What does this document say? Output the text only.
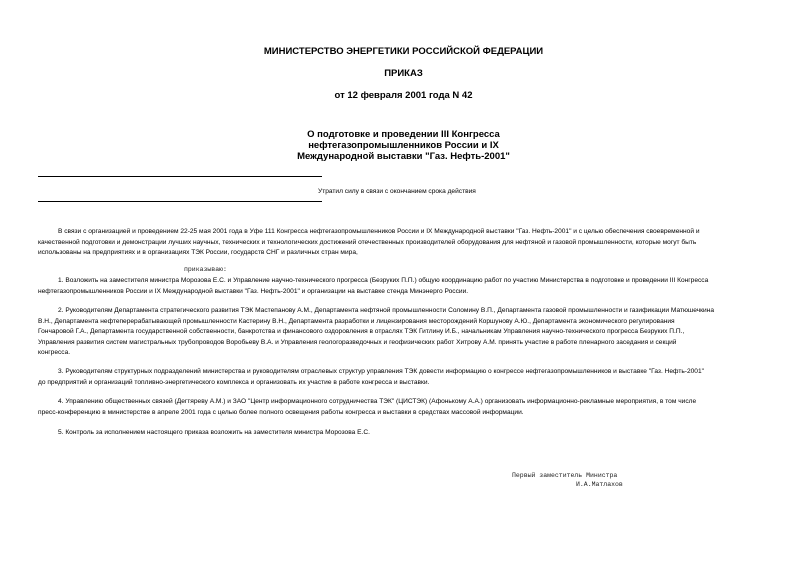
МИНИСТЕРСТВО ЭНЕРГЕТИКИ РОССИЙСКОЙ ФЕДЕРАЦИИ
ПРИКАЗ
от 12 февраля 2001 года N 42
О подготовке и проведении III Конгресса
нефтегазопромышленников России и IX
Международной выставки "Газ. Нефть-2001"
Утратил силу в связи с окончанием срока действия
В связи с организацией и проведением 22-25 мая 2001 года в Уфе 111 Конгресса нефтегазопромышленников России и IX Международной выставки "Газ. Нефть-2001" и с целью обеспечения своевременной и
качественной подготовки и демонстрации лучших научных, технических и технологических достижений отечественных производителей оборудования для нефтяной и газовой промышленности, которые могут быть
использованы на предприятиях и в организациях ТЭК России, государств СНГ и различных стран мира,
приказываю:
1. Возложить на заместителя министра Морозова Е.С. и Управление научно-технического прогресса (Безруких П.П.) общую координацию работ по участию Министерства в подготовке и проведении III Конгресса
нефтегазопромышленников России и IX Международной выставки "Газ. Нефть-2001" и организации на выставке стенда Минэнерго России.
2. Руководителям Департамента стратегического развития ТЭК Мастепанову А.М., Департамента нефтяной промышленности Соломину В.П., Департамента газовой промышленности и газификации Матюшечкина
В.Н., Департамента нефтеперерабатывающей промышленности Кастерину В.Н., Департамента разработки и лицензирования месторождений Коршунову А.Ю., Департамента экономического регулирования
Гончаровой Г.А., Департамента государственной собственности, банкротства и финансового оздоровления в отраслях ТЭК Гитлину И.Б., начальникам Управления научно-технического прогресса Безруких П.П.,
Управления развития систем магистральных трубопроводов Воробьеву В.А. и Управления геологоразведочных и геофизических работ Хитрову А.М. принять участие в работе пленарного заседания и секций
конгресса.
3. Руководителям структурных подразделений министерства и руководителям отраслевых структур управления ТЭК довести информацию о конгрессе нефтегазопромышленников и выставке "Газ. Нефть-2001"
до предприятий и организаций топливно-энергетического комплекса и организовать их участие в работе конгресса и выставки.
4. Управлению общественных связей (Дегтяреву А.М.) и ЗАО "Центр информационного сотрудничества ТЭК" (ЦИСТЭК) (Афонькому А.А.) организовать информационно-рекламные мероприятия, в том числе
пресс-конференцию в министерстве в апреле 2001 года с целью более полного освещения работы конгресса и выставки в средствах массовой информации.
5. Контроль за исполнением настоящего приказа возложить на заместителя министра Морозова Е.С.
Первый заместитель Министра
И.А.Матлахов
